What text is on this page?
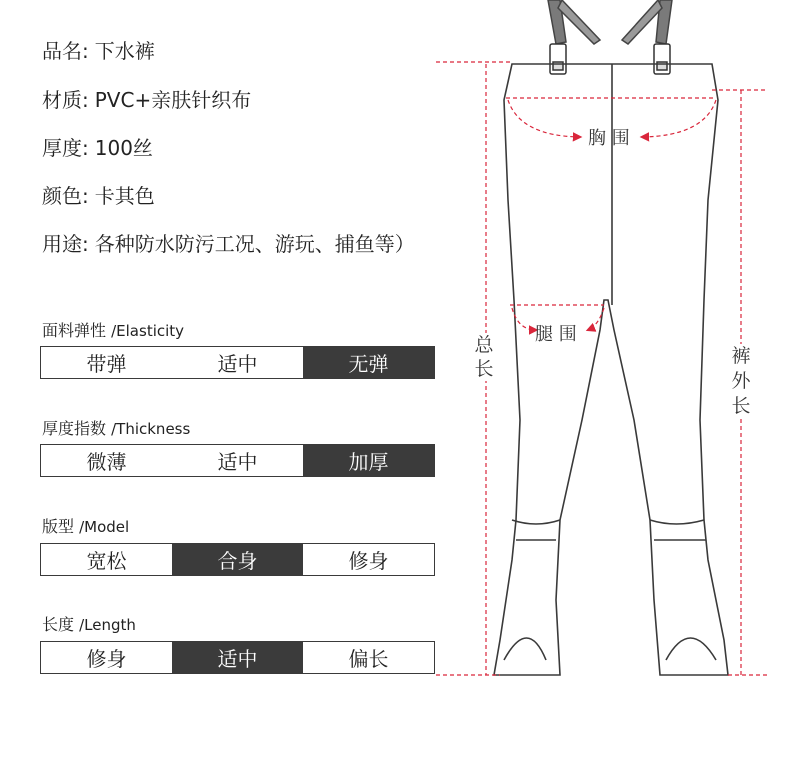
品名: 下水裤
材质: PVC+亲肤针织布
厚度: 100丝
颜色: 卡其色
用途: 各种防水防污工况、游玩、捕鱼等）
面料弹性 /Elasticity
带弹	适中	无弹
厚度指数 /Thickness
微薄	适中	加厚
版型 /Model
宽松	合身	修身
长度 /Length
修身	适中	偏长
胸 围
腿 围
总长
裤外长
